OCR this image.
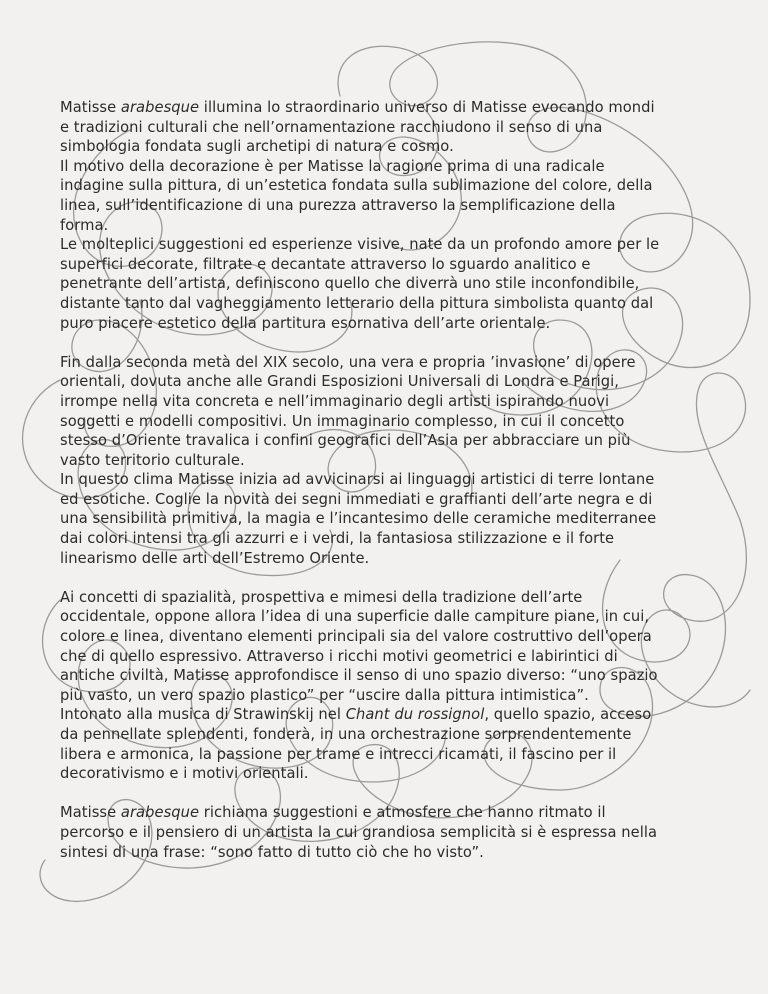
Matisse arabesque illumina lo straordinario universo di Matisse evocando mondi
e tradizioni culturali che nell’ornamentazione racchiudono il senso di una
simbologia fondata sugli archetipi di natura e cosmo.
Il motivo della decorazione è per Matisse la ragione prima di una radicale
indagine sulla pittura, di un’estetica fondata sulla sublimazione del colore, della
linea, sull’identificazione di una purezza attraverso la semplificazione della
forma.
Le molteplici suggestioni ed esperienze visive, nate da un profondo amore per le
superfici decorate, filtrate e decantate attraverso lo sguardo analitico e
penetrante dell’artista, definiscono quello che diverrà uno stile inconfondibile,
distante tanto dal vagheggiamento letterario della pittura simbolista quanto dal
puro piacere estetico della partitura esornativa dell’arte orientale.

Fin dalla seconda metà del XIX secolo, una vera e propria ’invasione’ di opere
orientali, dovuta anche alle Grandi Esposizioni Universali di Londra e Parigi,
irrompe nella vita concreta e nell’immaginario degli artisti ispirando nuovi
soggetti e modelli compositivi. Un immaginario complesso, in cui il concetto
stesso d’Oriente travalica i confini geografici dell’Asia per abbracciare un più
vasto territorio culturale.
In questo clima Matisse inizia ad avvicinarsi ai linguaggi artistici di terre lontane
ed esotiche. Coglie la novità dei segni immediati e graffianti dell’arte negra e di
una sensibilità primitiva, la magia e l’incantesimo delle ceramiche mediterranee
dai colori intensi tra gli azzurri e i verdi, la fantasiosa stilizzazione e il forte
linearismo delle arti dell’Estremo Oriente.

Ai concetti di spazialità, prospettiva e mimesi della tradizione dell’arte
occidentale, oppone allora l’idea di una superficie dalle campiture piane, in cui,
colore e linea, diventano elementi principali sia del valore costruttivo dell’opera
che di quello espressivo. Attraverso i ricchi motivi geometrici e labirintici di
antiche civiltà, Matisse approfondisce il senso di uno spazio diverso: “uno spazio
più vasto, un vero spazio plastico” per “uscire dalla pittura intimistica”.
Intonato alla musica di Strawinskij nel Chant du rossignol, quello spazio, acceso
da pennellate splendenti, fonderà, in una orchestrazione sorprendentemente
libera e armonica, la passione per trame e intrecci ricamati, il fascino per il
decorativismo e i motivi orientali.

Matisse arabesque richiama suggestioni e atmosfere che hanno ritmato il
percorso e il pensiero di un artista la cui grandiosa semplicità si è espressa nella
sintesi di una frase: “sono fatto di tutto ciò che ho visto”.
